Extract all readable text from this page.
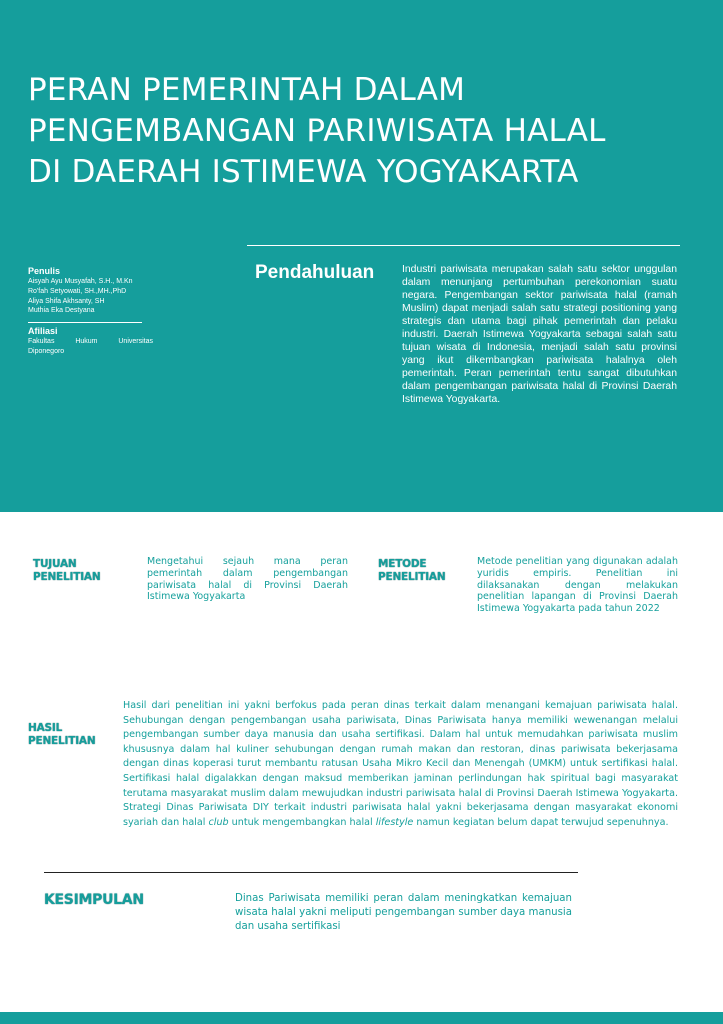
PERAN PEMERINTAH DALAM PENGEMBANGAN PARIWISATA HALAL DI DAERAH ISTIMEWA YOGYAKARTA
Penulis
Aisyah Ayu Musyafah, S.H., M.Kn
Ro'fah Setyowati, SH.,MH.,PhD
Aliya Shifa Akhsanty, SH
Muthia Eka Destyana
Afiliasi
Fakultas Hukum Universitas Diponegoro
Pendahuluan	Industri pariwisata merupakan salah satu sektor unggulan dalam menunjang pertumbuhan perekonomian suatu negara. Pengembangan sektor pariwisata halal (ramah Muslim) dapat menjadi salah satu strategi positioning yang strategis dan utama bagi pihak pemerintah dan pelaku industri. Daerah Istimewa Yogyakarta sebagai salah satu tujuan wisata di Indonesia, menjadi salah satu provinsi yang ikut dikembangkan pariwisata halalnya oleh pemerintah. Peran pemerintah tentu sangat dibutuhkan dalam pengembangan pariwisata halal di Provinsi Daerah Istimewa Yogyakarta.

TUJUAN
PENELITIAN

Mengetahui sejauh mana peran pemerintah dalam pengembangan pariwisata halal di Provinsi Daerah Istimewa Yogyakarta

METODE
PENELITIAN

Metode penelitian yang digunakan adalah yuridis empiris. Penelitian ini dilaksanakan dengan melakukan penelitian lapangan di Provinsi Daerah Istimewa Yogyakarta pada tahun 2022

HASIL
PENELITIAN

Hasil dari penelitian ini yakni berfokus pada peran dinas terkait dalam menangani kemajuan pariwisata halal. Sehubungan dengan pengembangan usaha pariwisata, Dinas Pariwisata hanya memiliki wewenangan melalui pengembangan sumber daya manusia dan usaha sertifikasi. Dalam hal untuk memudahkan pariwisata muslim khususnya dalam hal kuliner sehubungan dengan rumah makan dan restoran, dinas pariwisata bekerjasama dengan dinas koperasi turut membantu ratusan Usaha Mikro Kecil dan Menengah (UMKM) untuk sertifikasi halal. Sertifikasi halal digalakkan dengan maksud memberikan jaminan perlindungan hak spiritual bagi masyarakat terutama masyarakat muslim dalam mewujudkan industri pariwisata halal di Provinsi Daerah Istimewa Yogyakarta. Strategi Dinas Pariwisata DIY terkait industri pariwisata halal yakni bekerjasama dengan masyarakat ekonomi syariah dan halal club untuk mengembangkan halal lifestyle namun kegiatan belum dapat terwujud sepenuhnya.

KESIMPULAN	Dinas Pariwisata memiliki peran dalam meningkatkan kemajuan wisata halal yakni meliputi pengembangan sumber daya manusia dan usaha sertifikasi
